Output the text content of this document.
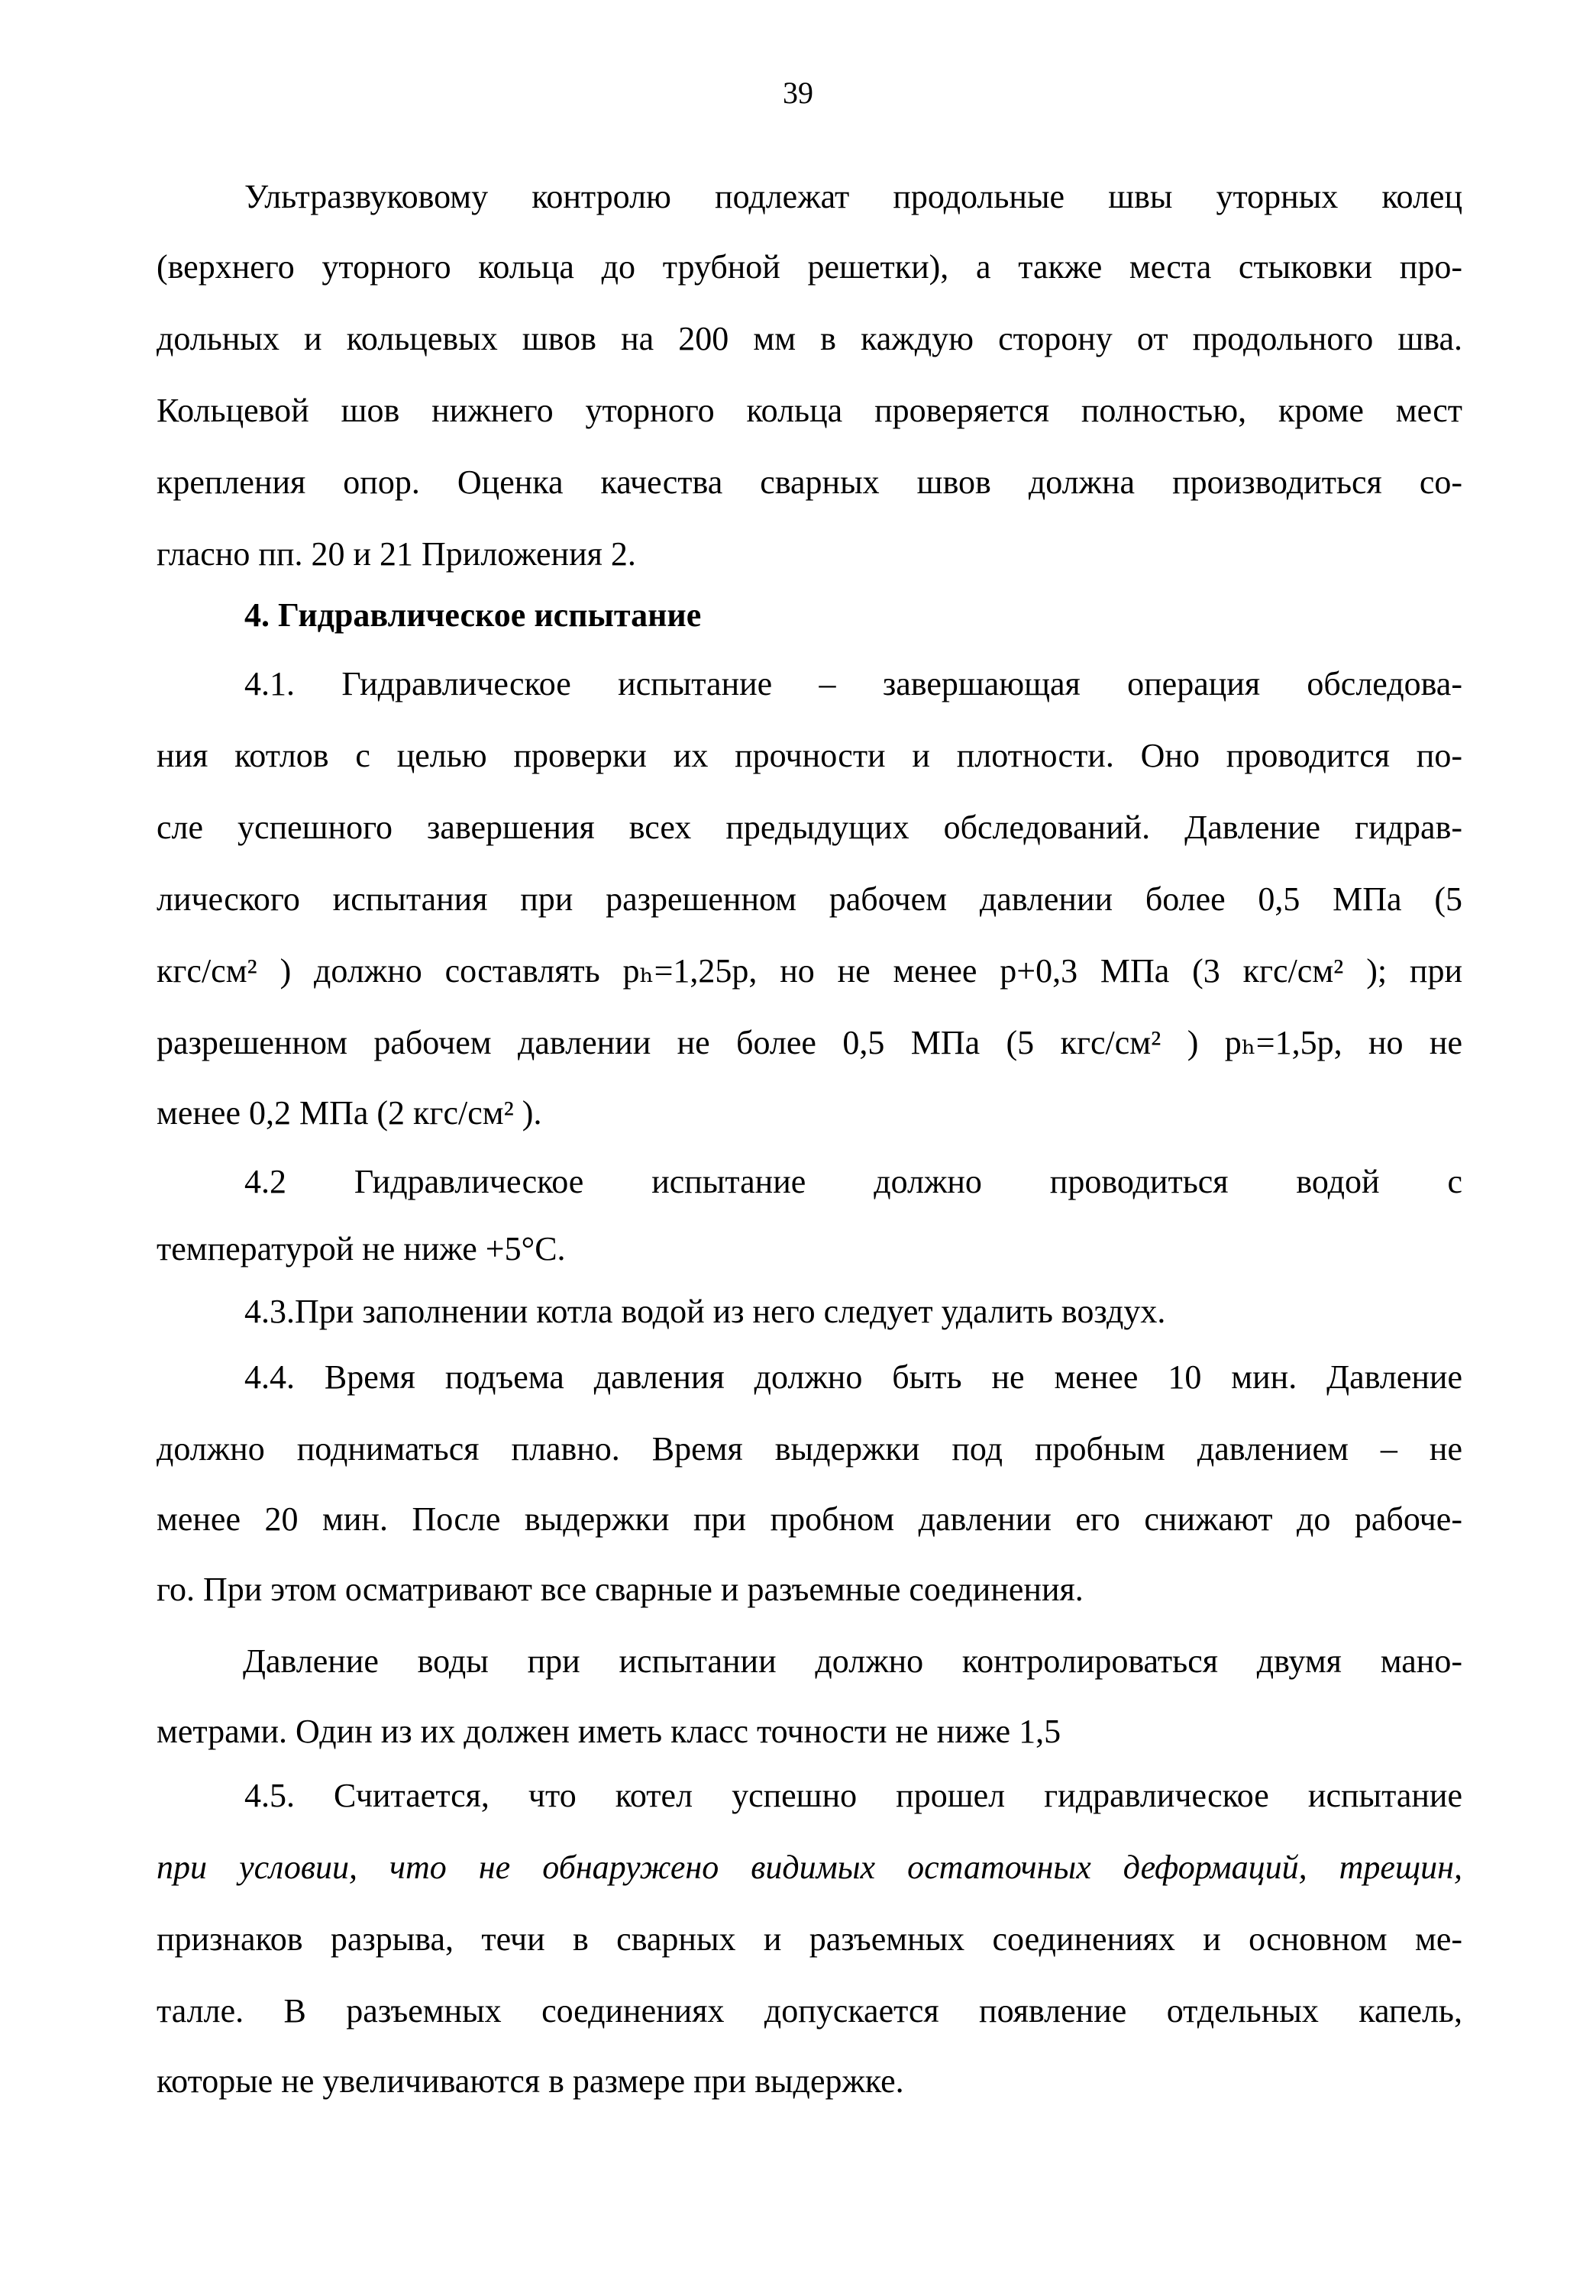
39
Ультразвуковому контролю подлежат продольные швы уторных колец
(верхнего уторного кольца до трубной решетки), а также места стыковки про-
дольных и кольцевых швов на 200 мм в каждую сторону от продольного шва.
Кольцевой шов нижнего уторного кольца проверяется полностью, кроме мест
крепления опор. Оценка качества сварных швов должна производиться со-
гласно пп. 20 и 21 Приложения 2.
4. Гидравлическое испытание
4.1. Гидравлическое испытание – завершающая операция обследова-
ния котлов с целью проверки их прочности и плотности. Оно проводится по-
сле успешного завершения всех предыдущих обследований. Давление гидрав-
лического испытания при разрешенном рабочем давлении более 0,5 МПа (5
кгс/см² ) должно составлять pₕ=1,25p, но не менее p+0,3 МПа (3 кгс/см² ); при
разрешенном рабочем давлении не более 0,5 МПа (5 кгс/см² ) pₕ=1,5p, но не
менее 0,2 МПа (2 кгс/см² ).
4.2 Гидравлическое испытание должно проводиться водой с
температурой не ниже +5°С.
4.3.При заполнении котла водой из него следует удалить воздух.
4.4. Время подъема давления должно быть не менее 10 мин. Давление
должно подниматься плавно. Время выдержки под пробным давлением – не
менее 20 мин. После выдержки при пробном давлении его снижают до рабоче-
го. При этом осматривают все сварные и разъемные соединения.
Давление воды при испытании должно контролироваться двумя мано-
метрами. Один из их должен иметь класс точности не ниже 1,5
4.5. Считается, что котел успешно прошел гидравлическое испытание
при условии, что не обнаружено видимых остаточных деформаций, трещин,
признаков разрыва, течи в сварных и разъемных соединениях и основном ме-
талле. В разъемных соединениях допускается появление отдельных капель,
которые не увеличиваются в размере при выдержке.
